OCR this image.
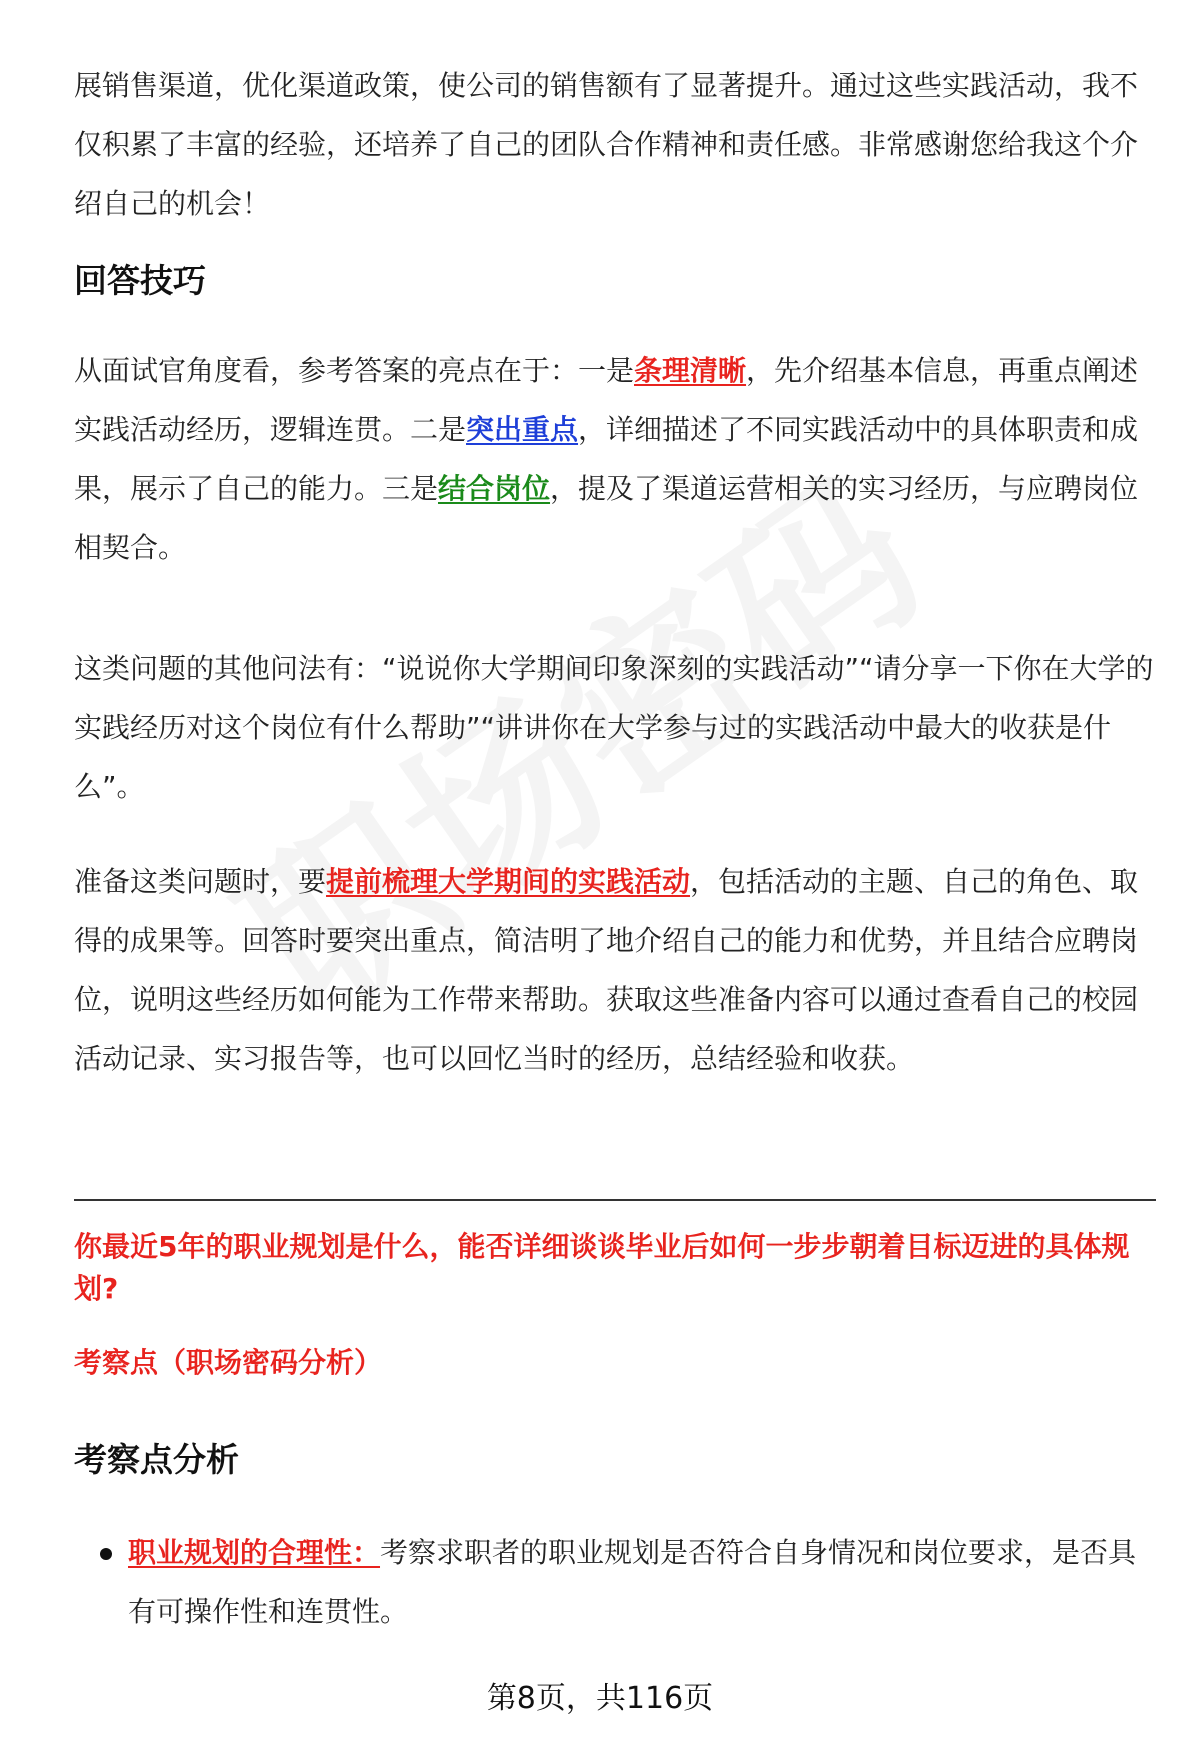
展销售渠道，优化渠道政策，使公司的销售额有了显著提升。通过这些实践活动，我不仅积累了丰富的经验，还培养了自己的团队合作精神和责任感。非常感谢您给我这个介绍自己的机会！

回答技巧

从面试官角度看，参考答案的亮点在于：一是条理清晰，先介绍基本信息，再重点阐述实践活动经历，逻辑连贯。二是突出重点，详细描述了不同实践活动中的具体职责和成果，展示了自己的能力。三是结合岗位，提及了渠道运营相关的实习经历，与应聘岗位相契合。

这类问题的其他问法有：“说说你大学期间印象深刻的实践活动”“请分享一下你在大学的实践经历对这个岗位有什么帮助”“讲讲你在大学参与过的实践活动中最大的收获是什么”。

准备这类问题时，要提前梳理大学期间的实践活动，包括活动的主题、自己的角色、取得的成果等。回答时要突出重点，简洁明了地介绍自己的能力和优势，并且结合应聘岗位，说明这些经历如何能为工作带来帮助。获取这些准备内容可以通过查看自己的校园活动记录、实习报告等，也可以回忆当时的经历，总结经验和收获。

你最近5年的职业规划是什么，能否详细谈谈毕业后如何一步步朝着目标迈进的具体规划?

考察点（职场密码分析）

考察点分析

职业规划的合理性：考察求职者的职业规划是否符合自身情况和岗位要求，是否具有可操作性和连贯性。

第8页，共116页
